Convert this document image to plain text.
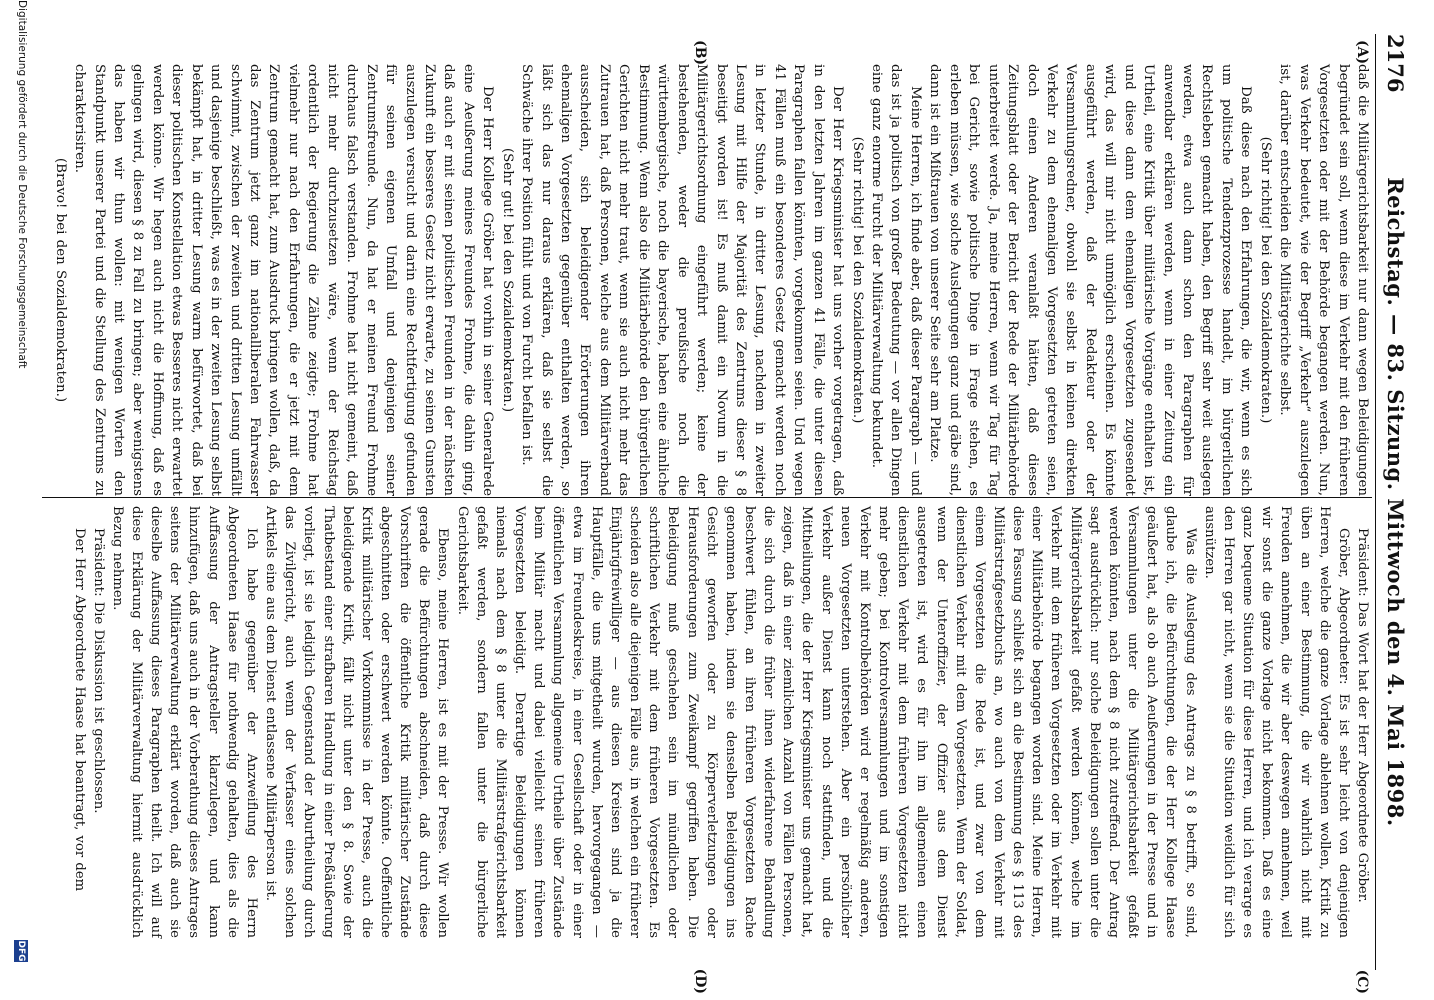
2176
Reichstag. — 83. Sitzung. Mittwoch den 4. Mai 1898.
(A)
(B)
(C)
(D)

daß die Militärgerichtsbarkeit nur dann wegen Beleidigungen begründet sein soll, wenn diese im Verkehr mit den früheren Vorgesetzten oder mit der Behörde begangen werden. Nun, was Verkehr bedeutet, wie der Begriff „Verkehr“ auszulegen ist, darüber entscheiden die Militärgerichte selbst.

(Sehr richtig! bei den Sozialdemokraten.)

Daß diese nach den Erfahrungen, die wir, wenn es sich um politische Tendenzprozesse handelt, im bürgerlichen Rechtsleben gemacht haben, den Begriff sehr weit auslegen werden, etwa auch dann schon den Paragraphen für anwendbar erklären werden, wenn in einer Zeitung ein Urtheil, eine Kritik über militärische Vorgänge enthalten ist, und diese dann dem ehemaligen Vorgesetzten zugesendet wird, das will mir nicht unmöglich erscheinen. Es könnte ausgeführt werden, daß der Redakteur oder der Versammlungsredner, obwohl sie selbst in keinen direkten Verkehr zu dem ehemaligen Vorgesetzten getreten seien, doch einen Anderen veranlaßt hätten, daß dieses Zeitungsblatt oder der Bericht der Rede der Militärbehörde unterbreitet werde. Ja, meine Herren, wenn wir Tag für Tag bei Gericht, sowie politische Dinge in Frage stehen, es erleben müssen, wie solche Auslegungen ganz und gäbe sind, dann ist ein Mißtrauen von unserer Seite sehr am Platze.

Meine Herren, ich finde aber, daß dieser Paragraph — und das ist ja politisch von großer Bedeutung — vor allen Dingen eine ganz enorme Furcht der Militärverwaltung bekundet.

(Sehr richtig! bei den Sozialdemokraten.)

Der Herr Kriegsminister hat uns vorher vorgetragen, daß in den letzten Jahren im ganzen 41 Fälle, die unter diesen Paragraphen fallen könnten, vorgekommen seien. Und wegen 41 Fällen muß ein besonderes Gesetz gemacht werden noch in letzter Stunde, in dritter Lesung, nachdem in zweiter Lesung mit Hilfe der Majorität des Zentrums dieser § 8 beseitigt worden ist! Es muß damit ein Novum in die Militärgerichtsordnung eingeführt werden; keine der bestehenden, weder die preußische noch die württembergische, noch die bayerische, haben eine ähnliche Bestimmung. Wenn also die Militärbehörde den bürgerlichen Gerichten nicht mehr traut, wenn sie auch nicht mehr das Zutrauen hat, daß Personen, welche aus dem Militärverband ausscheiden, sich beleidigender Erörterungen ihren ehemaligen Vorgesetzten gegenüber enthalten werden, so läßt sich das nur daraus erklären, daß sie selbst die Schwäche ihrer Position fühlt und von Furcht befallen ist.

(Sehr gut! bei den Sozialdemokraten.)

Der Herr Kollege Gröber hat vorhin in seiner Generalrede eine Aeußerung meines Freundes Frohme, die dahin ging, daß auch er mit seinen politischen Freunden in der nächsten Zukunft ein besseres Gesetz nicht erwarte, zu seinen Gunsten auszulegen versucht und darin eine Rechtfertigung gefunden für seinen eigenen Umfall und denjenigen seiner Zentrumsfreunde. Nun, da hat er meinen Freund Frohme durchaus falsch verstanden. Frohme hat nicht gemeint, daß nicht mehr durchzusetzen wäre, wenn der Reichstag ordentlich der Regierung die Zähne zeigte; Frohme hat vielmehr nur nach den Erfahrungen, die er jetzt mit dem Zentrum gemacht hat, zum Ausdruck bringen wollen, daß, da das Zentrum jetzt ganz im nationalliberalen Fahrwasser schwimmt, zwischen der zweiten und dritten Lesung umfällt und dasjenige beschließt, was es in der zweiten Lesung selbst bekämpft hat, in dritter Lesung warm befürwortet, daß bei dieser politischen Konstellation etwas Besseres nicht erwartet werden könne. Wir hegen auch nicht die Hoffnung, daß es gelingen wird, diesen § 8 zu Fall zu bringen; aber wenigstens das haben wir thun wollen: mit wenigen Worten den Standpunkt unserer Partei und die Stellung des Zentrums zu charakterisiren.

(Bravo! bei den Sozialdemokraten.)

Präsident: Das Wort hat der Herr Abgeordnete Gröber.

Gröber, Abgeordneter: Es ist sehr leicht von denjenigen Herren, welche die ganze Vorlage ablehnen wollen, Kritik zu üben an einer Bestimmung, die wir wahrlich nicht mit Freuden annehmen, die wir aber deswegen annehmen, weil wir sonst die ganze Vorlage nicht bekommen. Daß es eine ganz bequeme Situation für diese Herren, und ich verarge es den Herren gar nicht, wenn sie die Situation weidlich für sich ausnützen.

Was die Auslegung des Antrags zu § 8 betrifft, so sind, glaube ich, die Befürchtungen, die der Herr Kollege Haase geäußert hat, als ob auch Aeußerungen in der Presse und in Versammlungen unter die Militärgerichtsbarkeit gefaßt werden könnten, nach dem § 8 nicht zutreffend. Der Antrag sagt ausdrücklich: nur solche Beleidigungen sollen unter die Militärgerichtsbarkeit gefaßt werden können, welche im Verkehr mit dem früheren Vorgesetzten oder im Verkehr mit einer Militärbehörde begangen worden sind. Meine Herren, diese Fassung schließt sich an die Bestimmung des § 113 des Militärstrafgesetzbuchs an, wo auch von dem Verkehr mit einem Vorgesetzten die Rede ist, und zwar von dem dienstlichen Verkehr mit dem Vorgesetzten. Wenn der Soldat, wenn der Unteroffizier, der Offizier aus dem Dienst ausgetreten ist, wird es für ihn im allgemeinen einen dienstlichen Verkehr mit dem früheren Vorgesetzten nicht mehr geben; bei Kontrolversammlungen und im sonstigen Verkehr mit Kontrolbehörden wird er regelmäßig anderen, neuen Vorgesetzten unterstehen. Aber ein persönlicher Verkehr außer Dienst kann noch stattfinden, und die Mittheilungen, die der Herr Kriegsminister uns gemacht hat, zeigen, daß in einer ziemlichen Anzahl von Fällen Personen, die sich durch die früher ihnen widerfahrene Behandlung beschwert fühlen, an ihren früheren Vorgesetzten Rache genommen haben, indem sie denselben Beleidigungen ins Gesicht geworfen oder zu Körperverletzungen oder Herausforderungen zum Zweikampf gegriffen haben. Die Beleidigung muß geschehen sein im mündlichen oder schriftlichen Verkehr mit dem früheren Vorgesetzten. Es scheiden also alle diejenigen Fälle aus, in welchen ein früherer Einjährigfreiwilliger — aus diesen Kreisen sind ja die Hauptfälle, die uns mitgetheilt wurden, hervorgegangen — etwa im Freundeskreise, in einer Gesellschaft oder in einer öffentlichen Versammlung allgemeine Urtheile über Zustände beim Militär macht und dabei vielleicht seinen früheren Vorgesetzten beleidigt. Derartige Beleidigungen können niemals nach dem § 8 unter die Militärstrafgerichtsbarkeit gefaßt werden, sondern fallen unter die bürgerliche Gerichtsbarkeit.

Ebenso, meine Herren, ist es mit der Presse. Wir wollen gerade die Befürchtungen abschneiden, daß durch diese Vorschriften die öffentliche Kritik militärischer Zustände abgeschnitten oder erschwert werden könnte. Oeffentliche Kritik militärischer Vorkommnisse in der Presse, auch die beleidigende Kritik, fällt nicht unter den § 8. Sowie der Thatbestand einer strafbaren Handlung in einer Preßäußerung vorliegt, ist sie lediglich Gegenstand der Aburtheilung durch das Zivilgericht, auch wenn der Verfasser eines solchen Artikels eine aus dem Dienst entlassene Militärperson ist.

Ich habe gegenüber der Anzweiflung des Herrn Abgeordneten Haase für nothwendig gehalten, dies als die Auffassung der Antragsteller klarzulegen, und kann hinzufügen, daß uns auch in der Vorberathung dieses Antrages seitens der Militärverwaltung erklärt worden, daß auch sie dieselbe Auffassung dieses Paragraphen theilt. Ich will auf diese Erklärung der Militärverwaltung hiermit ausdrücklich Bezug nehmen.

Präsident: Die Diskussion ist geschlossen.

Der Herr Abgeordnete Haase hat beantragt, vor dem

Digitalisierung gefördert durch die Deutsche Forschungsgemeinschaft
DFG
